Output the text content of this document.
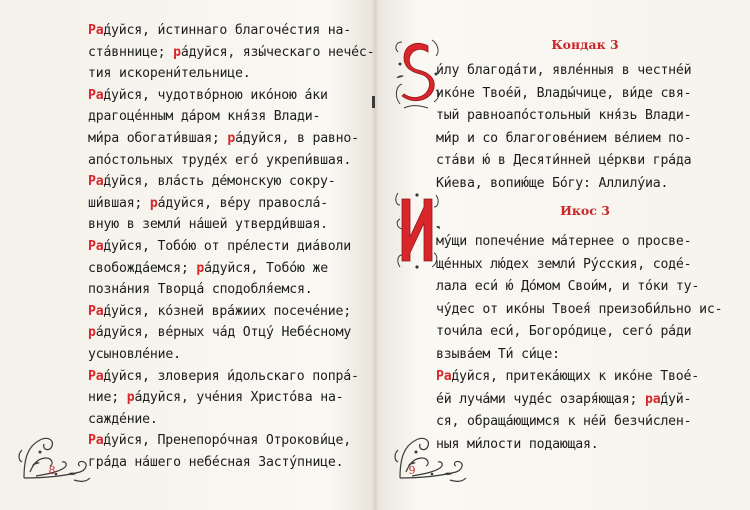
Ра́дуйся, и́стиннаго благоче́стия на-
ста́вннице; ра́дуйся, язы́ческаго нече́с-
тия искорени́тельнице.
Ра́дуйся, чудотво́рною ико́ною а́ки
драгоце́нным да́ром кня́зя Влади-
ми́ра обогати́вшая; ра́дуйся, в равно-
апо́стольных труде́х его́ укрепи́вшая.
Ра́дуйся, вла́сть де́монскую сокру-
ши́вшая; ра́дуйся, ве́ру правосла́-
вную в земли́ на́шей утверди́вшая.
Ра́дуйся, Тобо́ю от пре́лести диа́воли
свобожда́емся; ра́дуйся, Тобо́ю же
позна́ния Творца́ сподобля́емся.
Ра́дуйся, ко́зней вра́жиих посече́ние;
ра́дуйся, ве́рных ча́д Отцу́ Небе́сному
усыновле́ние.
Ра́дуйся, зловерия и́дольскаго попра́-
ние; ра́дуйся, уче́ния Христо́ва на-
сажде́ние.
Ра́дуйся, Пренепоро́чная Отрокови́це,
гра́да на́шего небе́сная Засту́пнице.
8
Кондак 3
и́лу благода́ти, явле́нныя в честне́й
ико́не Твое́й, Влады́чице, ви́де свя-
тый равноапо́стольный кня́зь Влади-
ми́р и со благогове́нием ве́лием по-
ста́ви ю́ в Десяти́нней це́ркви гра́да
Ки́ева, вопию́ще Бо́гу: Аллилу́иа.
Икос 3
му́щи попече́ние ма́тернее о просве-
ще́нных лю́дех земли́ Ру́сския, соде́-
лала еси́ ю́ До́мом Свои́м, и то́ки ту-
чу́дес от ико́ны Твоея́ преизоби́льно ис-
точи́ла еси́, Богоро́дице, сего́ ра́ди
взыва́ем Ти́ си́це:
Ра́дуйся, притека́ющих к ико́не Твое́-
е́й луча́ми чуде́с озаря́ющая; ра́дуй-
ся, обраща́ющимся к не́й безчи́слен-
ныя ми́лости подающая.
9
